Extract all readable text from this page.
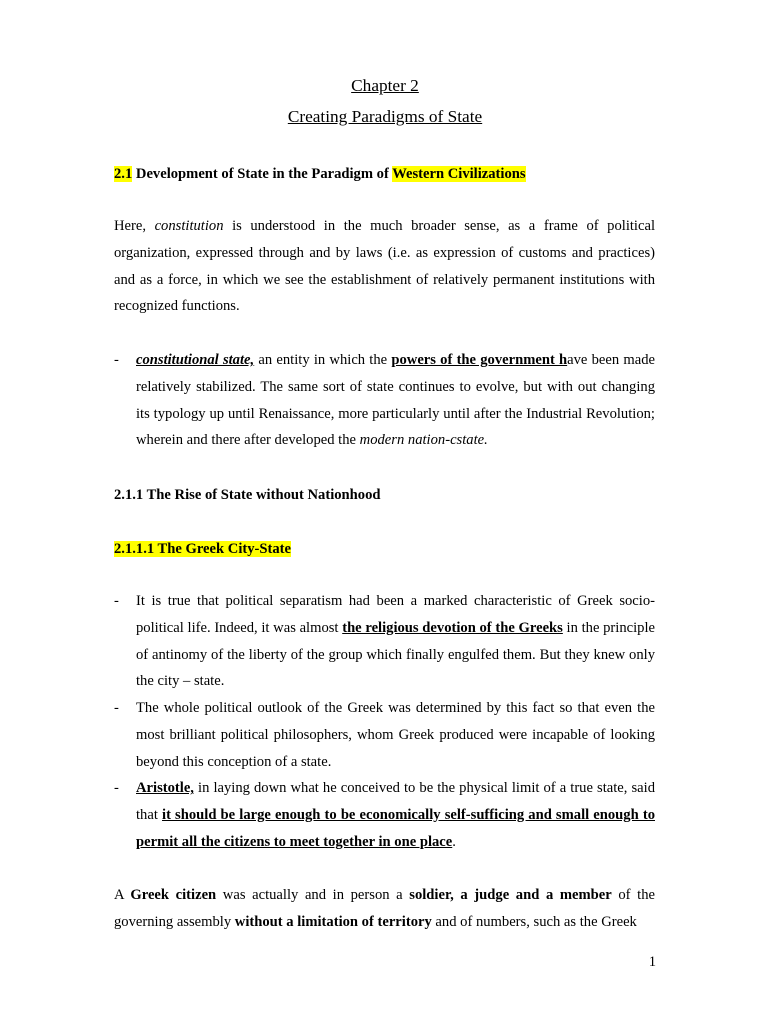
Chapter 2
Creating Paradigms of State
2.1 Development of State in the Paradigm of Western Civilizations
Here, constitution is understood in the much broader sense, as a frame of political organization, expressed through and by laws (i.e. as expression of customs and practices) and as a force, in which we see the establishment of relatively permanent institutions with recognized functions.
- constitutional state, an entity in which the powers of the government have been made relatively stabilized. The same sort of state continues to evolve, but with out changing its typology up until Renaissance, more particularly until after the Industrial Revolution; wherein and there after developed the modern nation-cstate.
2.1.1 The Rise of State without Nationhood
2.1.1.1 The Greek City-State
- It is true that political separatism had been a marked characteristic of Greek socio-political life. Indeed, it was almost the religious devotion of the Greeks in the principle of antinomy of the liberty of the group which finally engulfed them. But they knew only the city – state.
- The whole political outlook of the Greek was determined by this fact so that even the most brilliant political philosophers, whom Greek produced were incapable of looking beyond this conception of a state.
- Aristotle, in laying down what he conceived to be the physical limit of a true state, said that it should be large enough to be economically self-sufficing and small enough to permit all the citizens to meet together in one place.
A Greek citizen was actually and in person a soldier, a judge and a member of the governing assembly without a limitation of territory and of numbers, such as the Greek
1
